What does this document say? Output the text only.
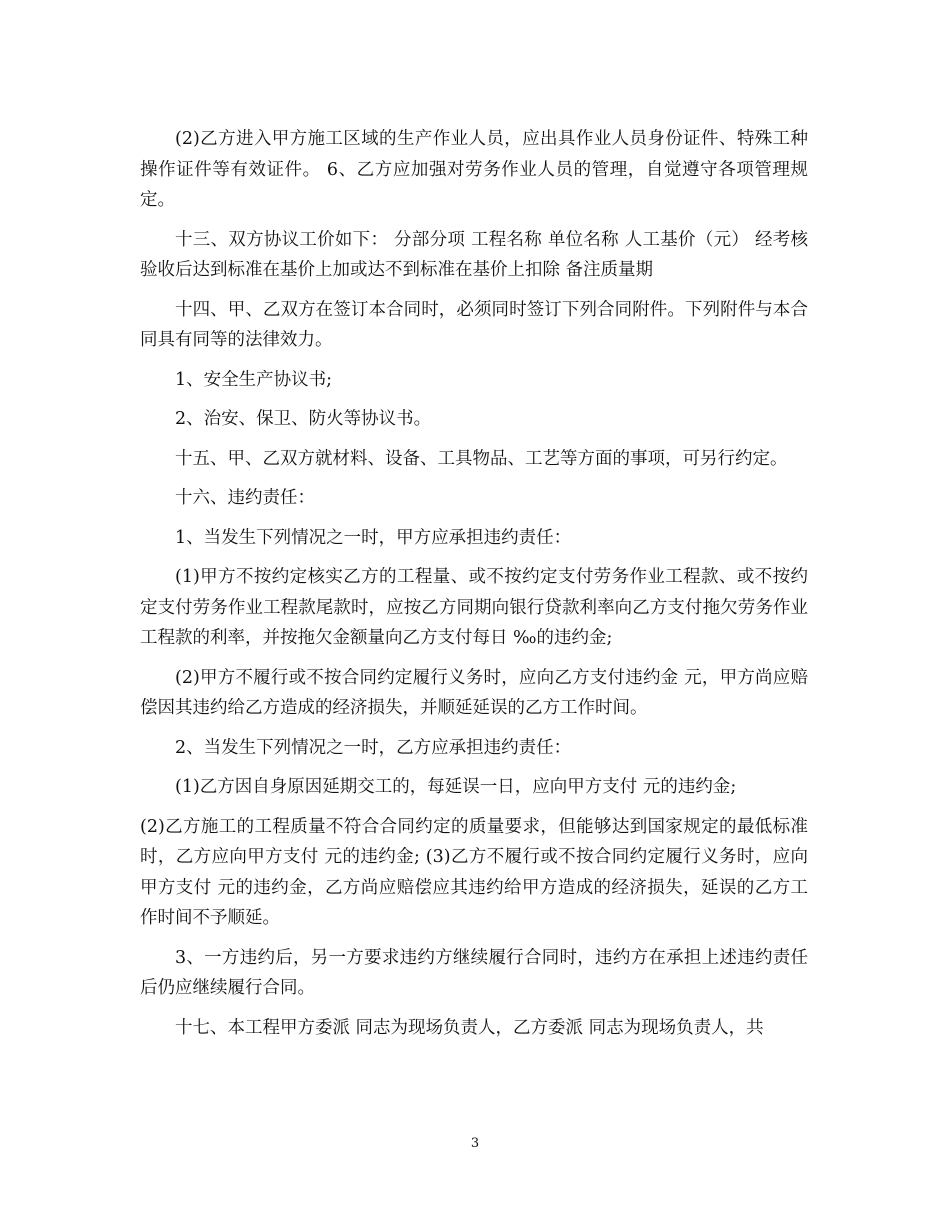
(2)乙方进入甲方施工区域的生产作业人员，应出具作业人员身份证件、特殊工种操作证件等有效证件。 6、乙方应加强对劳务作业人员的管理，自觉遵守各项管理规定。

十三、双方协议工价如下： 分部分项 工程名称 单位名称 人工基价（元） 经考核验收后达到标准在基价上加或达不到标准在基价上扣除 备注质量期

十四、甲、乙双方在签订本合同时，必须同时签订下列合同附件。下列附件与本合同具有同等的法律效力。

1、安全生产协议书;

2、治安、保卫、防火等协议书。

十五、甲、乙双方就材料、设备、工具物品、工艺等方面的事项，可另行约定。

十六、违约责任：

1、当发生下列情况之一时，甲方应承担违约责任：

(1)甲方不按约定核实乙方的工程量、或不按约定支付劳务作业工程款、或不按约定支付劳务作业工程款尾款时，应按乙方同期向银行贷款利率向乙方支付拖欠劳务作业工程款的利率，并按拖欠金额量向乙方支付每日 ‰的违约金;

(2)甲方不履行或不按合同约定履行义务时，应向乙方支付违约金 元，甲方尚应赔偿因其违约给乙方造成的经济损失，并顺延延误的乙方工作时间。

2、当发生下列情况之一时，乙方应承担违约责任：

(1)乙方因自身原因延期交工的，每延误一日，应向甲方支付 元的违约金;

(2)乙方施工的工程质量不符合合同约定的质量要求，但能够达到国家规定的最低标准时，乙方应向甲方支付 元的违约金; (3)乙方不履行或不按合同约定履行义务时，应向甲方支付 元的违约金，乙方尚应赔偿应其违约给甲方造成的经济损失，延误的乙方工作时间不予顺延。

3、一方违约后，另一方要求违约方继续履行合同时，违约方在承担上述违约责任后仍应继续履行合同。

十七、本工程甲方委派 同志为现场负责人，乙方委派 同志为现场负责人，共

3
